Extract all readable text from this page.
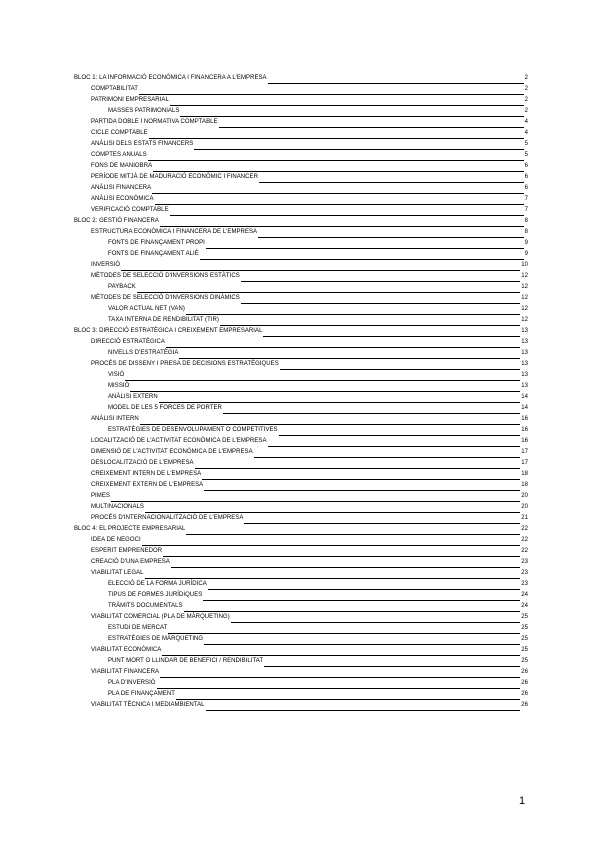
BLOC 1: LA INFORMACIÓ ECONÒMICA I FINANCERA A L'EMPRESA	2
COMPTABILITAT	2
PATRIMONI EMPRESARIAL	2
MASSES PATRIMONIALS	2
PARTIDA DOBLE I NORMATIVA COMPTABLE	4
CICLE COMPTABLE	4
ANÀLISI DELS ESTATS FINANCERS	5
COMPTES ANUALS	5
FONS DE MANIOBRA	6
PERÍODE MITJÀ DE MADURACIÓ ECONÒMIC I FINANCER	6
ANÀLISI FINANCERA	6
ANÀLISI ECONÒMICA	7
VERIFICACIÓ COMPTABLE	7
BLOC 2: GESTIÓ FINANCERA	8
ESTRUCTURA ECONÒMICA I FINANCERA DE L'EMPRESA	8
FONTS DE FINANÇAMENT PROPI	9
FONTS DE FINANÇAMENT ALIÈ	9
INVERSIÓ	10
MÈTODES DE SELECCIÓ D'INVERSIONS ESTÀTICS	12
PAYBACK	12
MÈTODES DE SELECCIÓ D'INVERSIONS DINÀMICS	12
VALOR ACTUAL NET (VAN)	12
TAXA INTERNA DE RENDIBILITAT (TIR)	12
BLOC 3: DIRECCIÓ ESTRATÈGICA I CREIXEMENT EMPRESARIAL	13
DIRECCIÓ ESTRATÈGICA	13
NIVELLS D'ESTRATÈGIA	13
PROCÉS DE DISSENY I PRESA DE DECISIONS ESTRATÈGIQUES	13
VISIÓ	13
MISSIÓ	13
ANÀLISI EXTERN	14
MODEL DE LES 5 FORCES DE PORTER	14
ANÀLISI INTERN	16
ESTRATÈGIES DE DESENVOLUPAMENT O COMPETITIVES	16
LOCALITZACIÓ DE L'ACTIVITAT ECONÒMICA DE L'EMPRESA	16
DIMENSIÓ DE L'ACTIVITAT ECONÒMICA DE L'EMPRESA	17
DESLOCALITZACIÓ DE L'EMPRESA	17
CREIXEMENT INTERN DE L'EMPRESA	18
CREIXEMENT EXTERN DE L'EMPRESA	18
PIMES	20
MULTINACIONALS	20
PROCÉS D'INTERNACIONALITZACIÓ DE L'EMPRESA	21
BLOC 4: EL PROJECTE EMPRESARIAL	22
IDEA DE NEGOCI	22
ESPERIT EMPRENEDOR	22
CREACIÓ D'UNA EMPRESA	23
VIABILITAT LEGAL	23
ELECCIÓ DE LA FORMA JURÍDICA	23
TIPUS DE FORMES JURÍDIQUES	24
TRÀMITS DOCUMENTALS	24
VIABILITAT COMERCIAL (PLA DE MÀRQUETING)	25
ESTUDI DE MERCAT	25
ESTRATÈGIES DE MÀRQUETING	25
VIABILITAT ECONÒMICA	25
PUNT MORT O LLINDAR DE BENEFICI / RENDIBILITAT	25
VIABILITAT FINANCERA	26
PLA D'INVERSIÓ	26
PLA DE FINANÇAMENT	26
VIABILITAT TÈCNICA I MEDIAMBIENTAL	26
1
